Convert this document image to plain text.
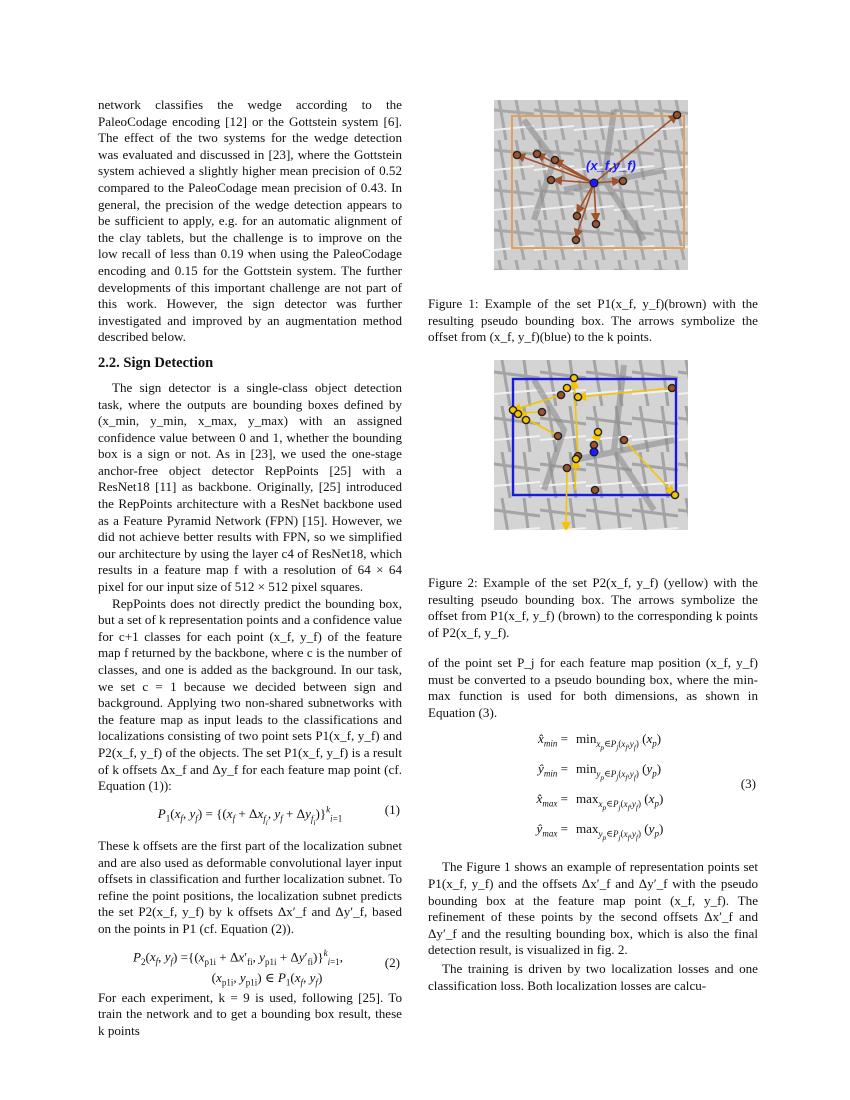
network classifies the wedge according to the PaleoCodage encoding [12] or the Gottstein system [6]. The effect of the two systems for the wedge detection was evaluated and discussed in [23], where the Gottstein system achieved a slightly higher mean precision of 0.52 compared to the PaleoCodage mean precision of 0.43. In general, the precision of the wedge detection appears to be sufficient to apply, e.g. for an automatic alignment of the clay tablets, but the challenge is to improve on the low recall of less than 0.19 when using the PaleoCodage encoding and 0.15 for the Gottstein system. The further developments of this important challenge are not part of this work. However, the sign detector was further investigated and improved by an augmentation method described below.

2.2. Sign Detection

The sign detector is a single-class object detection task, where the outputs are bounding boxes defined by (x_min, y_min, x_max, y_max) with an assigned confidence value between 0 and 1, whether the bounding box is a sign or not. As in [23], we used the one-stage anchor-free object detector RepPoints [25] with a ResNet18 [11] as backbone. Originally, [25] introduced the RepPoints architecture with a ResNet backbone used as a Feature Pyramid Network (FPN) [15]. However, we did not achieve better results with FPN, so we simplified our architecture by using the layer c4 of ResNet18, which results in a feature map f with a resolution of 64 × 64 pixel for our input size of 512 × 512 pixel squares.

RepPoints does not directly predict the bounding box, but a set of k representation points and a confidence value for c+1 classes for each point (x_f, y_f) of the feature map f returned by the backbone, where c is the number of classes, and one is added as the background. In our task, we set c = 1 because we decided between sign and background. Applying two non-shared subnetworks with the feature map as input leads to the classifications and localizations consisting of two point sets P1(x_f, y_f) and P2(x_f, y_f) of the objects. The set P1(x_f, y_f) is a result of k offsets Δx_f and Δy_f for each feature map point (cf. Equation (1)):

$P_1(x_f$, $y_f) = \{(x_f + \Delta x_{f_i}$, $y_f + \Delta y_{f_i})\}^k_{i=1}$
(1)

These k offsets are the first part of the localization subnet and are also used as deformable convolutional layer input offsets in classification and further localization subnet. To refine the point positions, the localization subnet predicts the set P2(x_f, y_f) by k offsets Δx′_f and Δy′_f, based on the points in P1 (cf. Equation (2)).

$P_2(x_f$, $y_f) =\{(x_{p1i} + \Delta x'_{fi}$, $y_{p1i} + \Delta y'_{fi})\}^k_{i=1}$,
($x_{p1i}$, $y_{p1i}$) ∈ $P_1(x_f$, $y_f$)
(2)

For each experiment, k = 9 is used, following [25]. To train the network and to get a bounding box result, these k points

(x_f,y_f)
Figure 1: Example of the set P1(x_f, y_f)(brown) with the resulting pseudo bounding box. The arrows symbolize the offset from (x_f, y_f)(blue) to the k points.
Figure 2: Example of the set P2(x_f, y_f) (yellow) with the resulting pseudo bounding box. The arrows symbolize the offset from P1(x_f, y_f) (brown) to the corresponding k points of P2(x_f, y_f).

of the point set P_j for each feature map position (x_f, y_f) must be converted to a pseudo bounding box, where the min-max function is used for both dimensions, as shown in Equation (3).

$x̂_{min} = \min_{x_p\in P_j(x_f,y_f)} (x_p)$
$ŷ_{min} = \min_{y_p\in P_j(x_f,y_f)} (y_p)$
$x̂_{max} = \max_{x_p\in P_j(x_f,y_f)} (x_p)$
$ŷ_{max} = \max_{y_p\in P_j(x_f,y_f)} (y_p)$
(3)

The Figure 1 shows an example of representation points set P1(x_f, y_f) and the offsets Δx′_f and Δy′_f with the pseudo bounding box at the feature map point (x_f, y_f). The refinement of these points by the second offsets Δx′_f and Δy′_f and the resulting bounding box, which is also the final detection result, is visualized in fig. 2.

The training is driven by two localization losses and one classification loss. Both localization losses are calcu-
